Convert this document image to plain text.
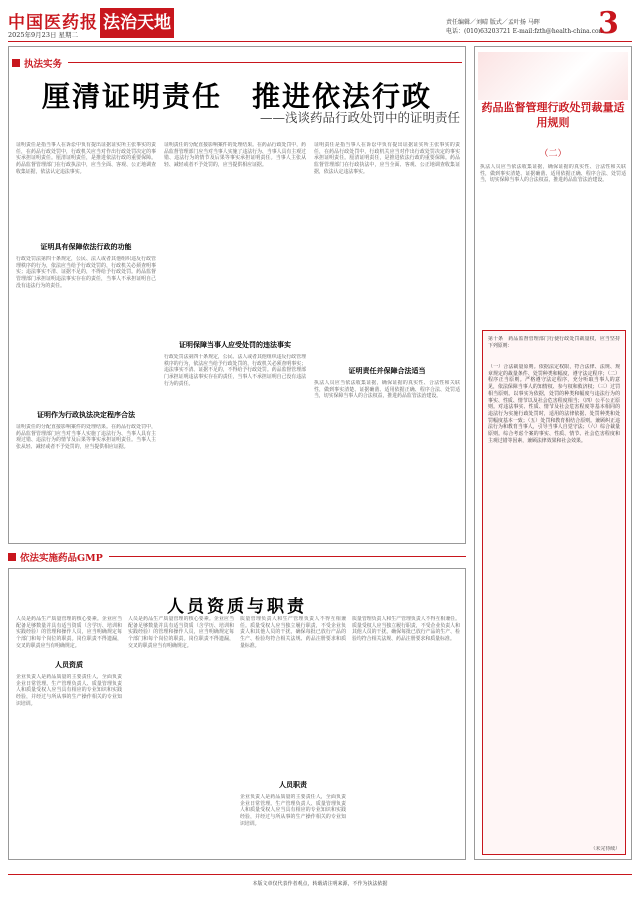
中国医药报
2025年9月23日 星期二
法治天地	责任编辑／刘晴 版式／孟叶扬 马晖
电话：(010)63203721 E-mail:fzth@health-china.com
3
执法实务
厘清证明责任　推进依法行政
——浅谈药品行政处罚中的证明责任
证明责任是指当事人在诉讼中负有提出证据证实所主张事实的责任，在药品行政处罚中，行政机关应当对作出行政处罚决定的事实承担证明责任。厘清证明责任，是推进依法行政的重要保障。药品监督管理部门在行政执法中，应当全面、客观、公正地调查收集证据，依法认定违法事实。
证明具有保障依法行政的功能
行政处罚法第四十条规定，公民、法人或者其他组织违反行政管理秩序的行为，依法应当给予行政处罚的，行政机关必须查明事实；违法事实不清、证据不足的，不得给予行政处罚。药品监督管理部门承担证明违法事实存在的责任，当事人不承担证明自己没有违法行为的责任。
证明作为行政执法决定程序合法
证明责任的分配直接影响案件的处理结果。在药品行政处罚中，药品监督管理部门应当对当事人实施了违法行为、当事人具有主观过错、违法行为的情节及后果等事实承担证明责任。当事人主张从轻、减轻或者不予处罚的，应当提供相应证据。
证明责任的分配直接影响案件的处理结果。在药品行政处罚中，药品监督管理部门应当对当事人实施了违法行为、当事人具有主观过错、违法行为的情节及后果等事实承担证明责任。当事人主张从轻、减轻或者不予处罚的，应当提供相应证据。
证明保障当事人应受处罚的违法事实
行政处罚法第四十条规定，公民、法人或者其他组织违反行政管理秩序的行为，依法应当给予行政处罚的，行政机关必须查明事实；违法事实不清、证据不足的，不得给予行政处罚。药品监督管理部门承担证明违法事实存在的责任，当事人不承担证明自己没有违法行为的责任。
证明责任是指当事人在诉讼中负有提出证据证实所主张事实的责任，在药品行政处罚中，行政机关应当对作出行政处罚决定的事实承担证明责任。厘清证明责任，是推进依法行政的重要保障。药品监督管理部门在行政执法中，应当全面、客观、公正地调查收集证据，依法认定违法事实。
证明责任并保障合法适当
执法人员应当依法收集证据，确保证据的真实性、合法性和关联性，做到事实清楚、证据确凿、适用依据正确、程序合法、处罚适当，切实保障当事人的合法权益，推进药品监管法治建设。
依法实施药品GMP
人员资质与职责
人员是药品生产质量管理的核心要素。企业应当配备足够数量并具有适当资质（含学历、培训和实践经验）的管理和操作人员，应当明确规定每个部门和每个岗位的职责。岗位职责不得遗漏，交叉的职责应当有明确规定。
人员资质
企业负责人是药品质量的主要责任人，全面负责企业日常管理。生产管理负责人、质量管理负责人和质量受权人应当具有相应的专业知识和实践经验，并经过与所从事的生产操作相关的专业知识培训。
人员是药品生产质量管理的核心要素。企业应当配备足够数量并具有适当资质（含学历、培训和实践经验）的管理和操作人员，应当明确规定每个部门和每个岗位的职责。岗位职责不得遗漏，交叉的职责应当有明确规定。
质量管理负责人和生产管理负责人不得互相兼任。质量受权人应当独立履行职责，不受企业负责人和其他人员的干扰，确保每批已放行产品的生产、检验均符合相关法规、药品注册要求和质量标准。
人员职责
企业负责人是药品质量的主要责任人，全面负责企业日常管理。生产管理负责人、质量管理负责人和质量受权人应当具有相应的专业知识和实践经验，并经过与所从事的生产操作相关的专业知识培训。
质量管理负责人和生产管理负责人不得互相兼任。质量受权人应当独立履行职责，不受企业负责人和其他人员的干扰，确保每批已放行产品的生产、检验均符合相关法规、药品注册要求和质量标准。
药品监督管理行政处罚裁量适用规则
（二）
执法人员应当依法收集证据，确保证据的真实性、合法性和关联性，做到事实清楚、证据确凿、适用依据正确、程序合法、处罚适当，切实保障当事人的合法权益，推进药品监管法治建设。
第十条　药品监督管理部门行使行政处罚裁量权，应当坚持下列原则：
（一）合法裁量原则。依据法定权限，符合法律、法规、规章规定的裁量条件、处罚种类和幅度，遵守法定程序；（二）程序正当原则。严格遵守法定程序，充分听取当事人的意见，依法保障当事人的知情权、参与权和救济权；（三）过罚相当原则。以事实为依据，处罚的种类和幅度与违法行为的事实、性质、情节以及社会危害程度相当；（四）公平公正原则。对违法事实、性质、情节及社会危害程度等基本相同的违法行为实施行政处罚时，适用的法律依据、处罚种类和处罚幅度基本一致；（五）处罚和教育相结合原则。兼顾纠正违法行为和教育当事人，引导当事人自觉守法；（六）综合裁量原则。综合考虑个案的事实、性质、情节、社会危害程度和主观过错等因素，兼顾法律效果和社会效果。
（未完待续）
本版文章仅代表作者观点，转载请注明来源，不作为执法依据
